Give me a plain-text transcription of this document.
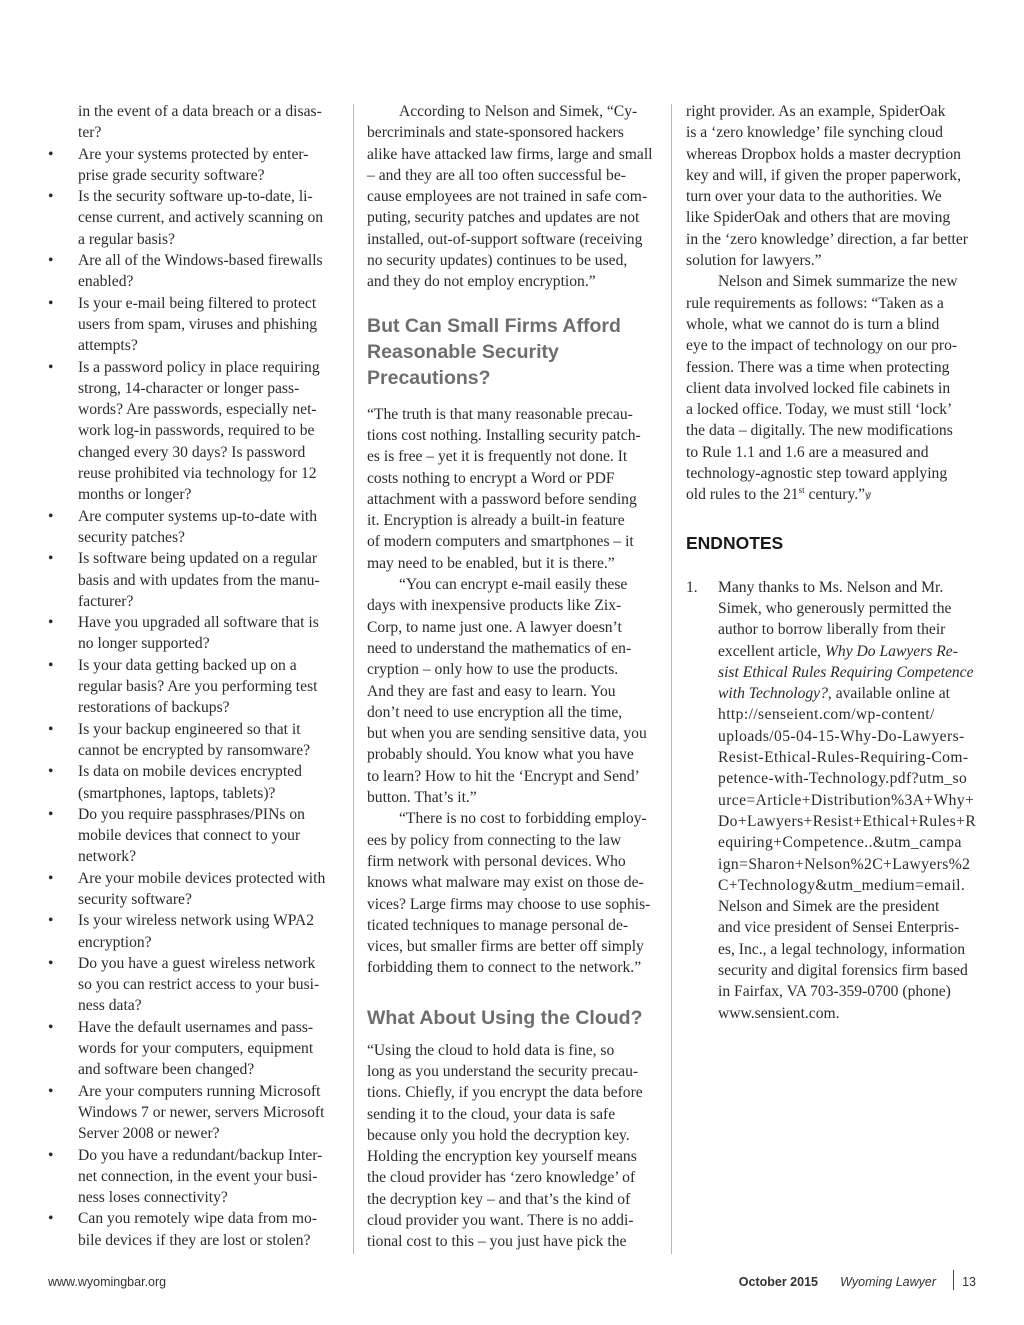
in the event of a data breach or a disas-
ter?
• Are your systems protected by enter-
prise grade security software?
• Is the security software up-to-date, li-
cense current, and actively scanning on
a regular basis?
• Are all of the Windows-based firewalls
enabled?
• Is your e-mail being filtered to protect
users from spam, viruses and phishing
attempts?
• Is a password policy in place requiring
strong, 14-character or longer pass-
words? Are passwords, especially net-
work log-in passwords, required to be
changed every 30 days? Is password
reuse prohibited via technology for 12
months or longer?
• Are computer systems up-to-date with
security patches?
• Is software being updated on a regular
basis and with updates from the manu-
facturer?
• Have you upgraded all software that is
no longer supported?
• Is your data getting backed up on a
regular basis? Are you performing test
restorations of backups?
• Is your backup engineered so that it
cannot be encrypted by ransomware?
• Is data on mobile devices encrypted
(smartphones, laptops, tablets)?
• Do you require passphrases/PINs on
mobile devices that connect to your
network?
• Are your mobile devices protected with
security software?
• Is your wireless network using WPA2
encryption?
• Do you have a guest wireless network
so you can restrict access to your busi-
ness data?
• Have the default usernames and pass-
words for your computers, equipment
and software been changed?
• Are your computers running Microsoft
Windows 7 or newer, servers Microsoft
Server 2008 or newer?
• Do you have a redundant/backup Inter-
net connection, in the event your busi-
ness loses connectivity?
• Can you remotely wipe data from mo-
bile devices if they are lost or stolen?

According to Nelson and Simek, “Cy-
bercriminals and state-sponsored hackers
alike have attacked law firms, large and small
– and they are all too often successful be-
cause employees are not trained in safe com-
puting, security patches and updates are not
installed, out-of-support software (receiving
no security updates) continues to be used,
and they do not employ encryption.”

But Can Small Firms Afford
Reasonable Security
Precautions?

“The truth is that many reasonable precau-
tions cost nothing. Installing security patch-
es is free – yet it is frequently not done. It
costs nothing to encrypt a Word or PDF
attachment with a password before sending
it. Encryption is already a built-in feature
of modern computers and smartphones – it
may need to be enabled, but it is there.”

“You can encrypt e-mail easily these
days with inexpensive products like Zix-
Corp, to name just one. A lawyer doesn’t
need to understand the mathematics of en-
cryption – only how to use the products.
And they are fast and easy to learn. You
don’t need to use encryption all the time,
but when you are sending sensitive data, you
probably should. You know what you have
to learn? How to hit the ‘Encrypt and Send’
button. That’s it.”

“There is no cost to forbidding employ-
ees by policy from connecting to the law
firm network with personal devices. Who
knows what malware may exist on those de-
vices? Large firms may choose to use sophis-
ticated techniques to manage personal de-
vices, but smaller firms are better off simply
forbidding them to connect to the network.”

What About Using the Cloud?

“Using the cloud to hold data is fine, so
long as you understand the security precau-
tions. Chiefly, if you encrypt the data before
sending it to the cloud, your data is safe
because only you hold the decryption key.
Holding the encryption key yourself means
the cloud provider has ‘zero knowledge’ of
the decryption key – and that’s the kind of
cloud provider you want. There is no addi-
tional cost to this – you just have pick the

right provider. As an example, SpiderOak
is a ‘zero knowledge’ file synching cloud
whereas Dropbox holds a master decryption
key and will, if given the proper paperwork,
turn over your data to the authorities. We
like SpiderOak and others that are moving
in the ‘zero knowledge’ direction, a far better
solution for lawyers.”

Nelson and Simek summarize the new
rule requirements as follows: “Taken as a
whole, what we cannot do is turn a blind
eye to the impact of technology on our pro-
fession. There was a time when protecting
client data involved locked file cabinets in
a locked office. Today, we must still ‘lock’
the data – digitally. The new modifications
to Rule 1.1 and 1.6 are a measured and
technology-agnostic step toward applying
old rules to the 21st century.”ꝟ

ENDNOTES
1. Many thanks to Ms. Nelson and Mr.
Simek, who generously permitted the
author to borrow liberally from their
excellent article, Why Do Lawyers Re-
sist Ethical Rules Requiring Competence
with Technology?, available online at
http://senseient.com/wp-content/
uploads/05-04-15-Why-Do-Lawyers-
Resist-Ethical-Rules-Requiring-Com-
petence-with-Technology.pdf?utm_so
urce=Article+Distribution%3A+Why+
Do+Lawyers+Resist+Ethical+Rules+R
equiring+Competence..&utm_campa
ign=Sharon+Nelson%2C+Lawyers%2
C+Technology&utm_medium=email.
Nelson and Simek are the president
and vice president of Sensei Enterpris-
es, Inc., a legal technology, information
security and digital forensics firm based
in Fairfax, VA 703-359-0700 (phone)
www.sensient.com.
www.wyomingbar.org	October 2015 Wyoming Lawyer 13
